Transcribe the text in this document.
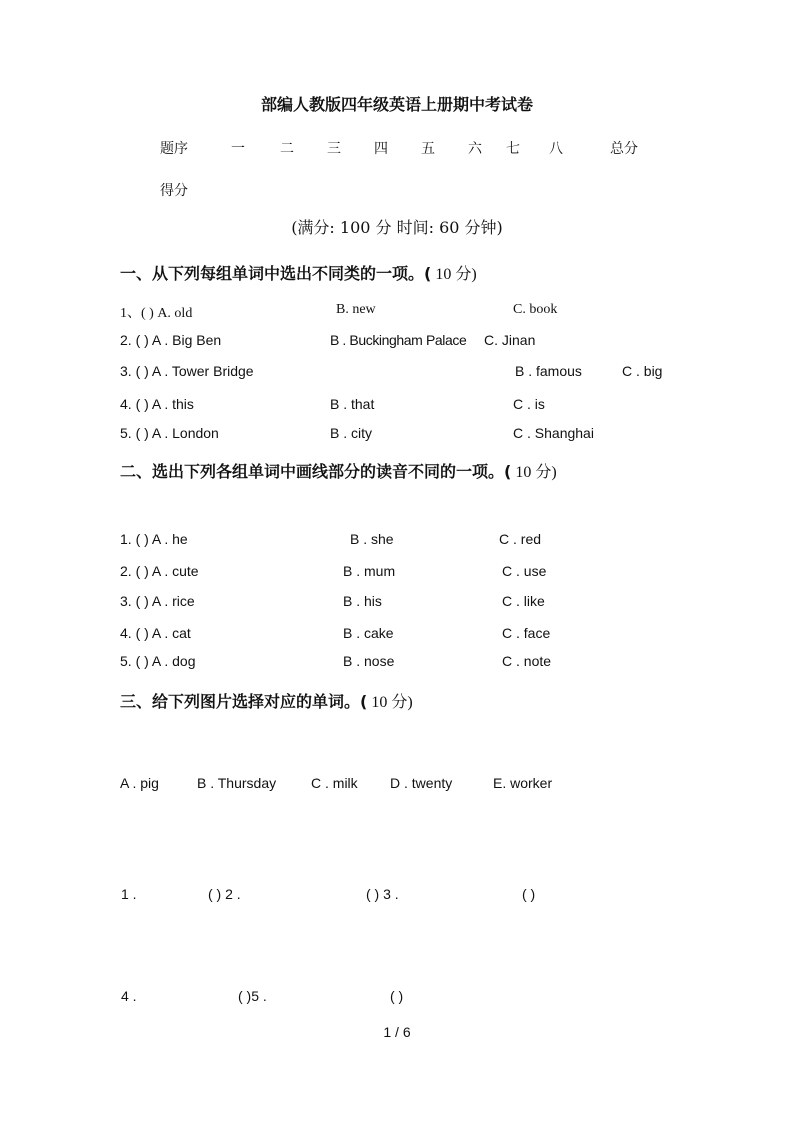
部编人教版四年级英语上册期中考试卷
题序	一	二 三 四 五 六 七 八	总分
得分
(满分: 100 分 时间: 60 分钟)
一、从下列每组单词中选出不同类的一项。( 10 分)
1、( ) A. old	B. new	C. book
2. ( ) A . Big Ben	B . Buckingham Palace C. Jinan
3. ( ) A . Tower Bridge	B . famous	C . big
4. ( ) A . this	B . that	C . is
5. ( ) A . London	B . city	C . Shanghai
二、选出下列各组单词中画线部分的读音不同的一项。( 10 分)
1. ( ) A . he	B . she	C . red
2. ( ) A . cute	B . mum	C . use
3. ( ) A . rice	B . his	C . like
4. ( ) A . cat	B . cake	C . face
5. ( ) A . dog	B . nose	C . note
三、给下列图片选择对应的单词。( 10 分)
A . pig	B . Thursday C . milk D . twenty	E. worker
1 .	( ) 2 .	( ) 3 .	( )
4 .	( )5 .	( )
1 / 6
